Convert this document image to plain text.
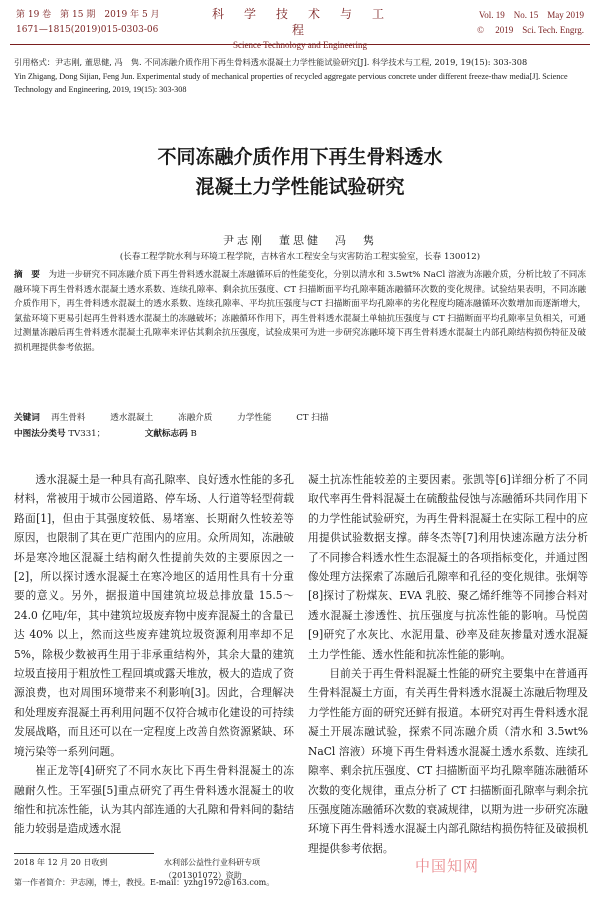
第 19 卷　第 15 期　2019 年 5 月
1671—1815(2019)015-0303-06
科　学　技　术　与　工　程
Science Technology and Engineering
Vol. 19　No. 15　May 2019
© 　2019　Sci. Tech. Engrg.
引用格式：尹志刚, 董思健, 冯　隽. 不同冻融介质作用下再生骨料透水混凝土力学性能试验研究[J]. 科学技术与工程, 2019, 19(15): 303-308
Yin Zhigang, Dong Sijian, Feng Jun. Experimental study of mechanical properties of recycled aggregate pervious concrete under different freeze-thaw media[J]. Science Technology and Engineering, 2019, 19(15): 303-308
不同冻融介质作用下再生骨料透水
混凝土力学性能试验研究
尹志刚　董思健　冯　隽
(长春工程学院水利与环境工程学院，吉林省水工程安全与灾害防治工程实验室，长春 130012)
摘　要　 为进一步研究不同冻融介质下再生骨料透水混凝土冻融循环后的性能变化，分别以清水和 3.5wt% NaCl 溶液为冻融介质，分析比较了不同冻融环境下再生骨料透水混凝土透水系数、连续孔隙率、剩余抗压强度、CT 扫描断面平均孔隙率随冻融循环次数的变化规律。试验结果表明，不同冻融介质作用下，再生骨料透水混凝土的透水系数、连续孔隙率、平均抗压强度与CT 扫描断面平均孔隙率的劣化程度均随冻融循环次数增加而逐渐增大，氯盐环境下更易引起再生骨料透水混凝土的冻融破坏；冻融循环作用下，再生骨料透水混凝土单轴抗压强度与 CT 扫描断面平均孔隙率呈负相关，可通过测量冻融后再生骨料透水混凝土孔隙率来评估其剩余抗压强度，试验成果可为进一步研究冻融环境下再生骨料透水混凝土内部孔隙结构损伤特征及破损机理提供参考依据。
关键词　 再生骨料	透水混凝土	冻融介质	力学性能	CT 扫描
中图法分类号 TV331；	文献标志码 B

透水混凝土是一种具有高孔隙率、良好透水性能的多孔材料，常被用于城市公园道路、停车场、人行道等轻型荷载路面[1]，但由于其强度较低、易堵塞、长期耐久性较差等原因，也限制了其在更广范围内的应用。众所周知，冻融破坏是寒冷地区混凝土结构耐久性提前失效的主要原因之一[2]，所以探讨透水混凝土在寒冷地区的适用性具有十分重要的意义。另外，据报道中国建筑垃圾总排放量 15.5～24.0 亿吨/年，其中建筑垃圾废弃物中废弃混凝土的含量已达 40% 以上，然而这些废弃建筑垃圾资源利用率却不足 5%，除极少数被再生用于非承重结构外，其余大量的建筑垃圾直接用于粗放性工程回填或露天堆放，极大的造成了资源浪费，也对周围环境带来不利影响[3]。因此，合理解决和处理废弃混凝土再利用问题不仅符合城市化建设的可持续发展战略，而且还可以在一定程度上改善自然资源紧缺、环境污染等一系列问题。

崔正龙等[4]研究了不同水灰比下再生骨料混凝土的冻融耐久性。王军强[5]重点研究了再生骨料透水混凝土的收缩性和抗冻性能，认为其内部连通的大孔隙和骨料间的黏结能力较弱是造成透水混

凝土抗冻性能较差的主要因素。张凯等[6]详细分析了不同取代率再生骨料混凝土在硫酸盐侵蚀与冻融循环共同作用下的力学性能试验研究，为再生骨料混凝土在实际工程中的应用提供试验数据支撑。薛冬杰等[7]利用快速冻融方法分析了不同掺合料透水性生态混凝土的各项指标变化，并通过图像处理方法探索了冻融后孔隙率和孔径的变化规律。张炯等[8]探讨了粉煤灰、EVA 乳胶、聚乙烯纤维等不同掺合料对透水混凝土渗透性、抗压强度与抗冻性能的影响。马悦茵[9]研究了水灰比、水泥用量、砂率及硅灰掺量对透水混凝土力学性能、透水性能和抗冻性能的影响。

目前关于再生骨料混凝土性能的研究主要集中在普通再生骨料混凝土方面，有关再生骨料透水混凝土冻融后物理及力学性能方面的研究还鲜有报道。本研究对再生骨料透水混凝土开展冻融试验，探索不同冻融介质（清水和 3.5wt% NaCl 溶液）环境下再生骨料透水混凝土透水系数、连续孔隙率、剩余抗压强度、CT 扫描断面平均孔隙率随冻融循环次数的变化规律，重点分析了 CT 扫描断面孔隙率与剩余抗压强度随冻融循环次数的衰减规律，以期为进一步研究冻融环境下再生骨料透水混凝土内部孔隙结构损伤特征及破损机理提供参考依据。

2018 年 12 月 20 日收到	水利部公益性行业科研专项（201301072）资助
第一作者简介：尹志刚，博士，教授。E-mail：yzhg1972@163.com。
中国知网
